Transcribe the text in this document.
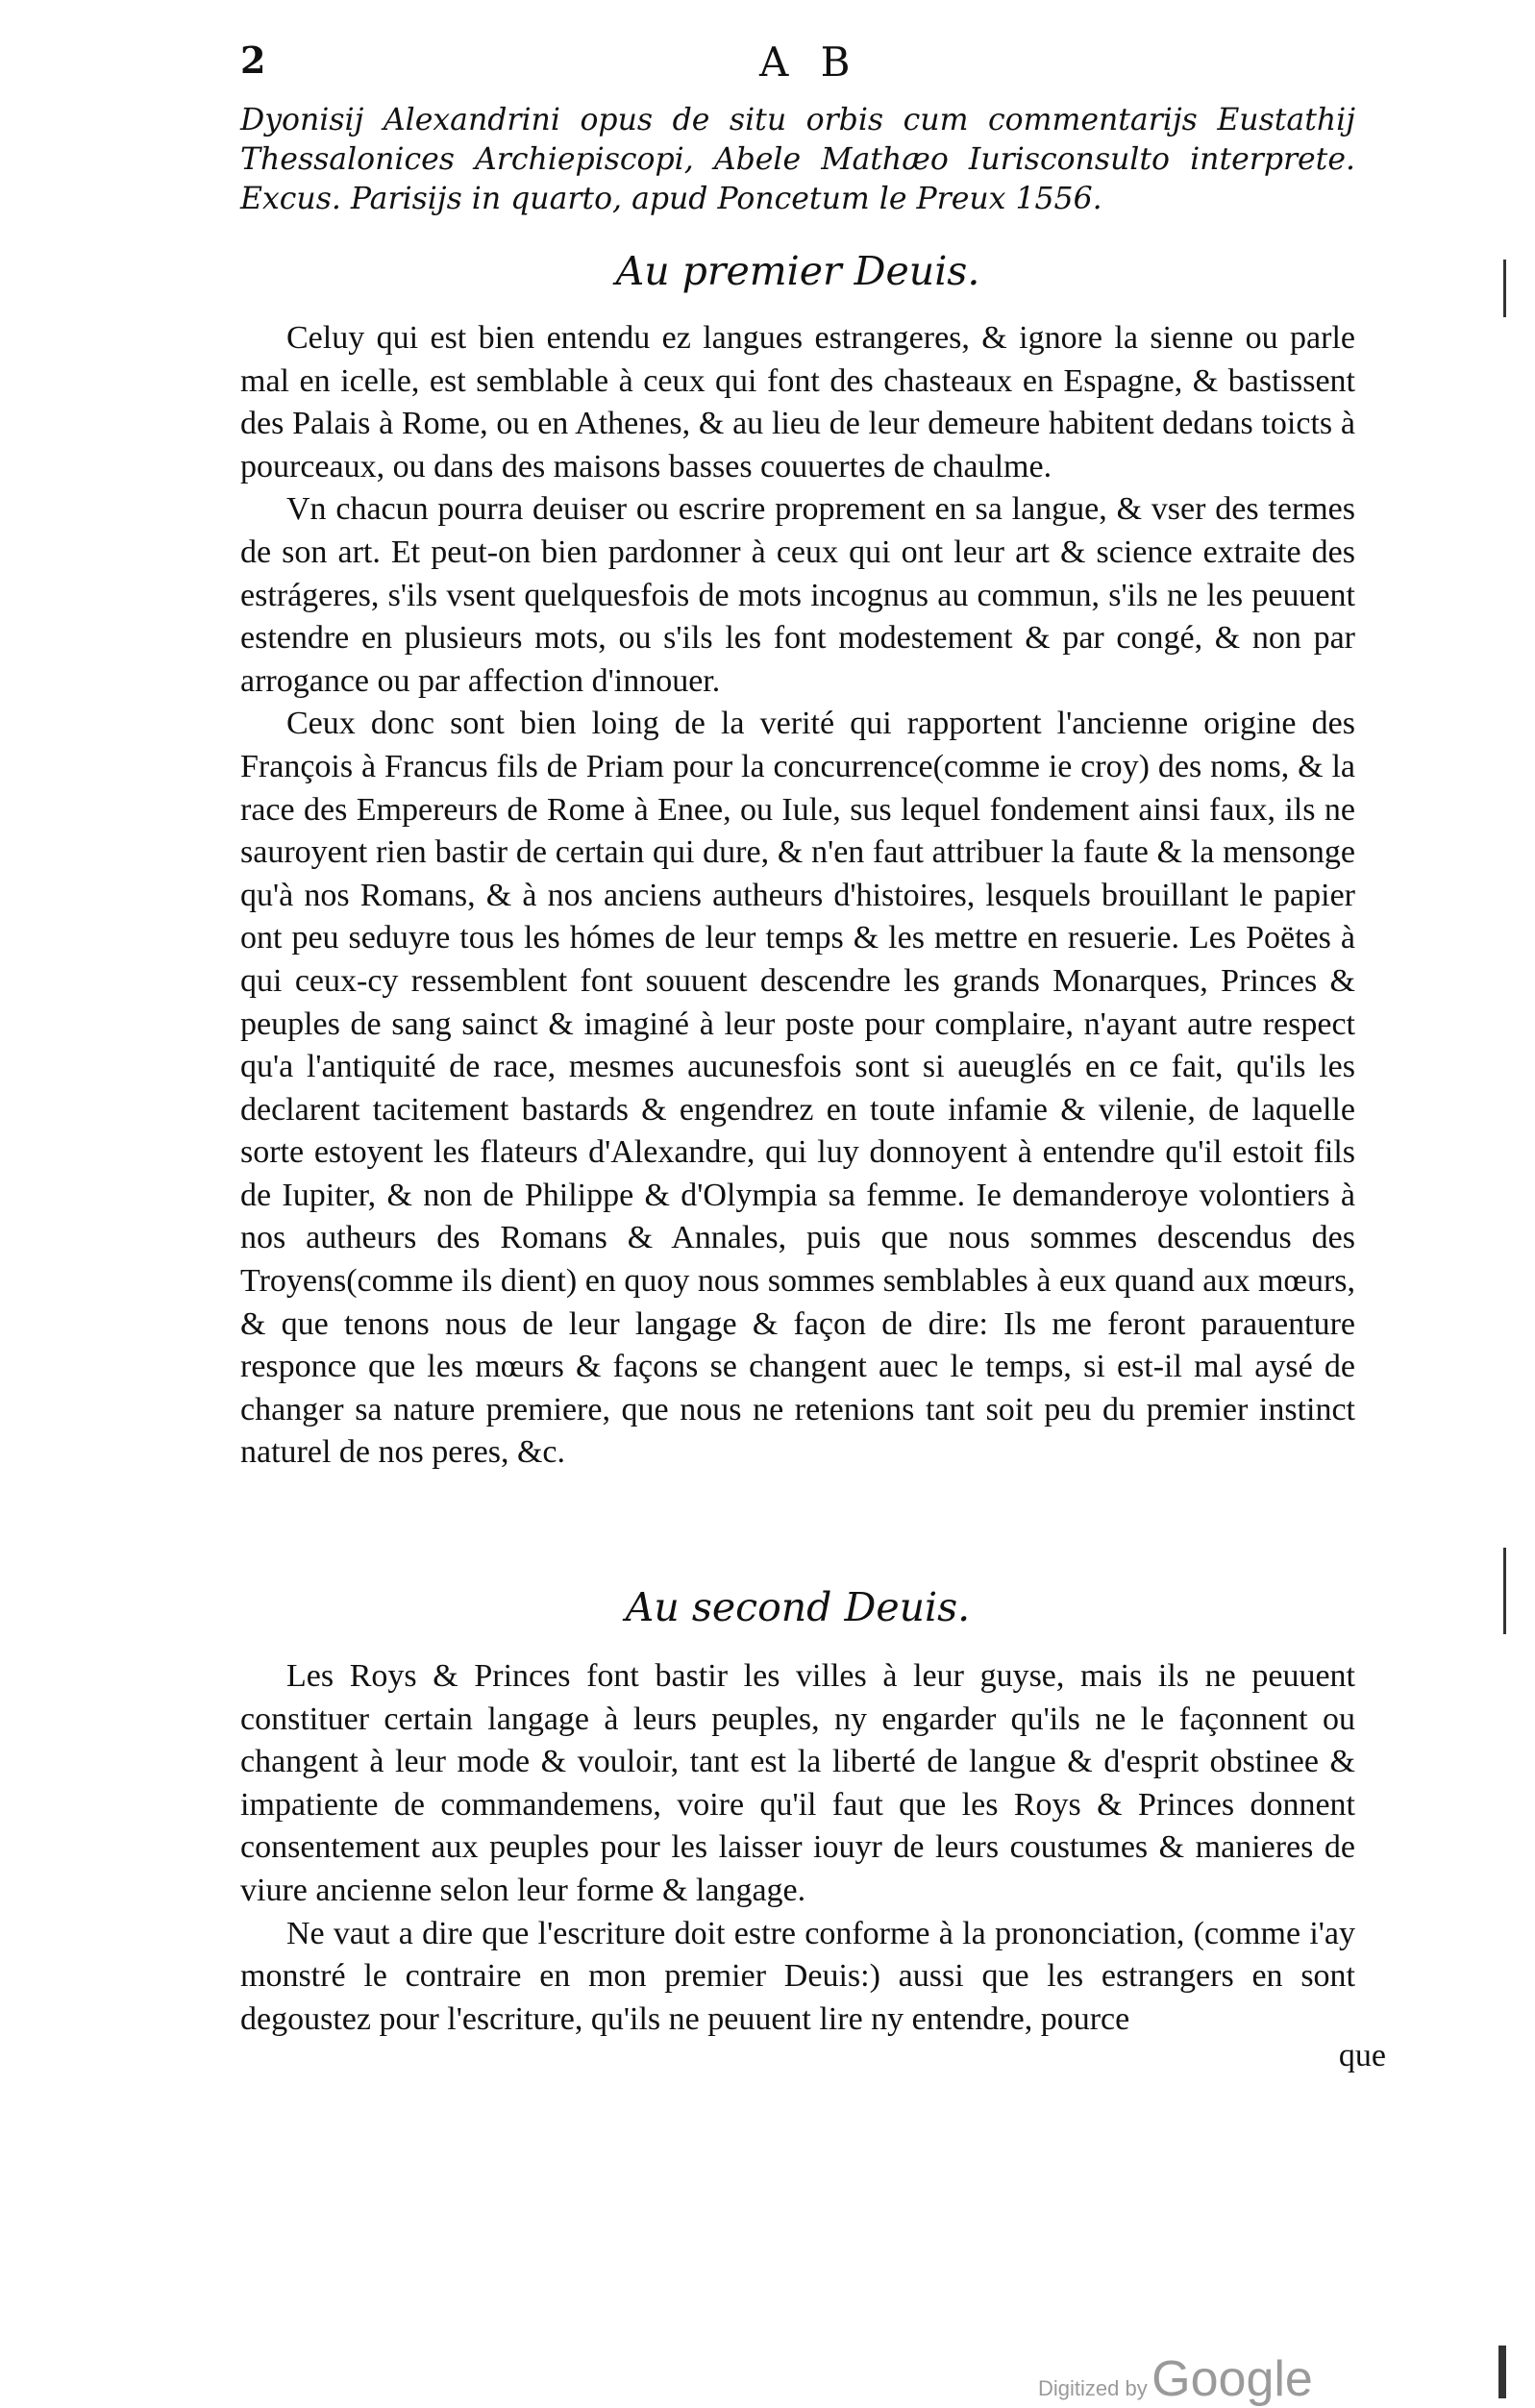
2	A B

Dyonisij Alexandrini opus de situ orbis cum commentarijs Eustathij Thessalonices Archiepiscopi, Abele Mathæo Iurisconsulto interprete. Excus. Parisijs in quarto, apud Poncetum le Preux 1556.

Au premier Deuis.

Celuy qui est bien entendu ez langues estrangeres, & ignore la sienne ou parle mal en icelle, est semblable à ceux qui font des chasteaux en Espagne, & bastissent des Palais à Rome, ou en Athenes, & au lieu de leur demeure habitent dedans toicts à pourceaux, ou dans des maisons basses couuertes de chaulme.

Vn chacun pourra deuiser ou escrire proprement en sa langue, & vser des termes de son art. Et peut-on bien pardonner à ceux qui ont leur art & science extraite des estrágeres, s'ils vsent quelquesfois de mots incognus au commun, s'ils ne les peuuent estendre en plusieurs mots, ou s'ils les font modestement & par congé, & non par arrogance ou par affection d'innouer.

Ceux donc sont bien loing de la verité qui rapportent l'ancienne origine des François à Francus fils de Priam pour la concurrence(comme ie croy) des noms, & la race des Empereurs de Rome à Enee, ou Iule, sus lequel fondement ainsi faux, ils ne sauroyent rien bastir de certain qui dure, & n'en faut attribuer la faute & la mensonge qu'à nos Romans, & à nos anciens autheurs d'histoires, lesquels brouillant le papier ont peu seduyre tous les hómes de leur temps & les mettre en resuerie. Les Poëtes à qui ceux-cy ressemblent font souuent descendre les grands Monarques, Princes & peuples de sang sainct & imaginé à leur poste pour complaire, n'ayant autre respect qu'a l'antiquité de race, mesmes aucunesfois sont si aueuglés en ce fait, qu'ils les declarent tacitement bastards & engendrez en toute infamie & vilenie, de laquelle sorte estoyent les flateurs d'Alexandre, qui luy donnoyent à entendre qu'il estoit fils de Iupiter, & non de Philippe & d'Olympia sa femme. Ie demanderoye volontiers à nos autheurs des Romans & Annales, puis que nous sommes descendus des Troyens(comme ils dient) en quoy nous sommes semblables à eux quand aux mœurs, & que tenons nous de leur langage & façon de dire: Ils me feront parauenture responce que les mœurs & façons se changent auec le temps, si est-il mal aysé de changer sa nature premiere, que nous ne retenions tant soit peu du premier instinct naturel de nos peres, &c.

Au second Deuis.

Les Roys & Princes font bastir les villes à leur guyse, mais ils ne peuuent constituer certain langage à leurs peuples, ny engarder qu'ils ne le façonnent ou changent à leur mode & vouloir, tant est la liberté de langue & d'esprit obstinee & impatiente de commandemens, voire qu'il faut que les Roys & Princes donnent consentement aux peuples pour les laisser iouyr de leurs coustumes & manieres de viure ancienne selon leur forme & langage.

Ne vaut a dire que l'escriture doit estre conforme à la prononciation, (comme i'ay monstré le contraire en mon premier Deuis:) aussi que les estrangers en sont degoustez pour l'escriture, qu'ils ne peuuent lire ny entendre, pource

que
Digitized by Google
